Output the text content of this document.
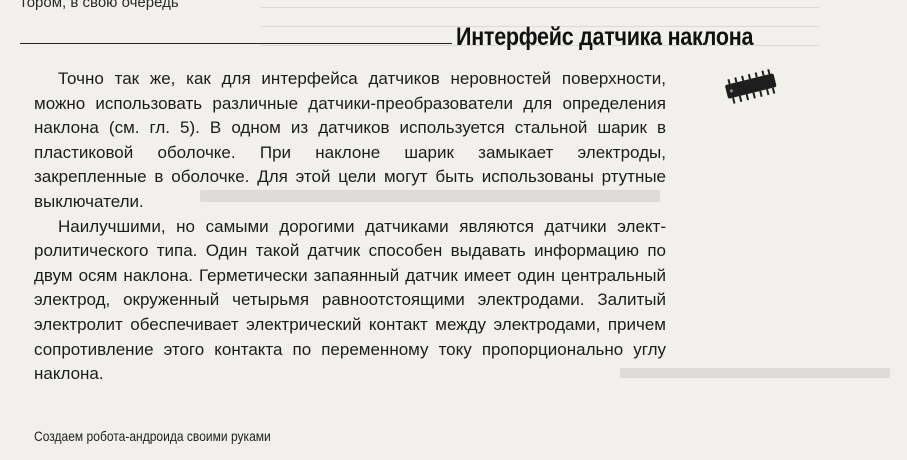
тором, в свою очередь
Интерфейс датчика наклона

Точно так же, как для интерфейса датчиков неровностей поверхности, можно использовать различные датчики-преобразователи для определения наклона (см. гл. 5). В одном из датчиков используется стальной шарик в пластиковой оболочке. При наклоне шарик замыкает электроды, закрепленные в оболочке. Для этой цели могут быть использованы ртутные выключатели.

Наилучшими, но самыми дорогими датчиками являются датчики электролитического типа. Один такой датчик способен выдавать информацию по двум осям наклона. Герметически запаянный датчик имеет один центральный электрод, окруженный четырьмя равноотстоящими электродами. Залитый электролит обеспечивает электрический контакт между электродами, причем сопротивление этого контакта по переменному току пропорционально углу наклона.

Создаем робота-андроида своими руками
